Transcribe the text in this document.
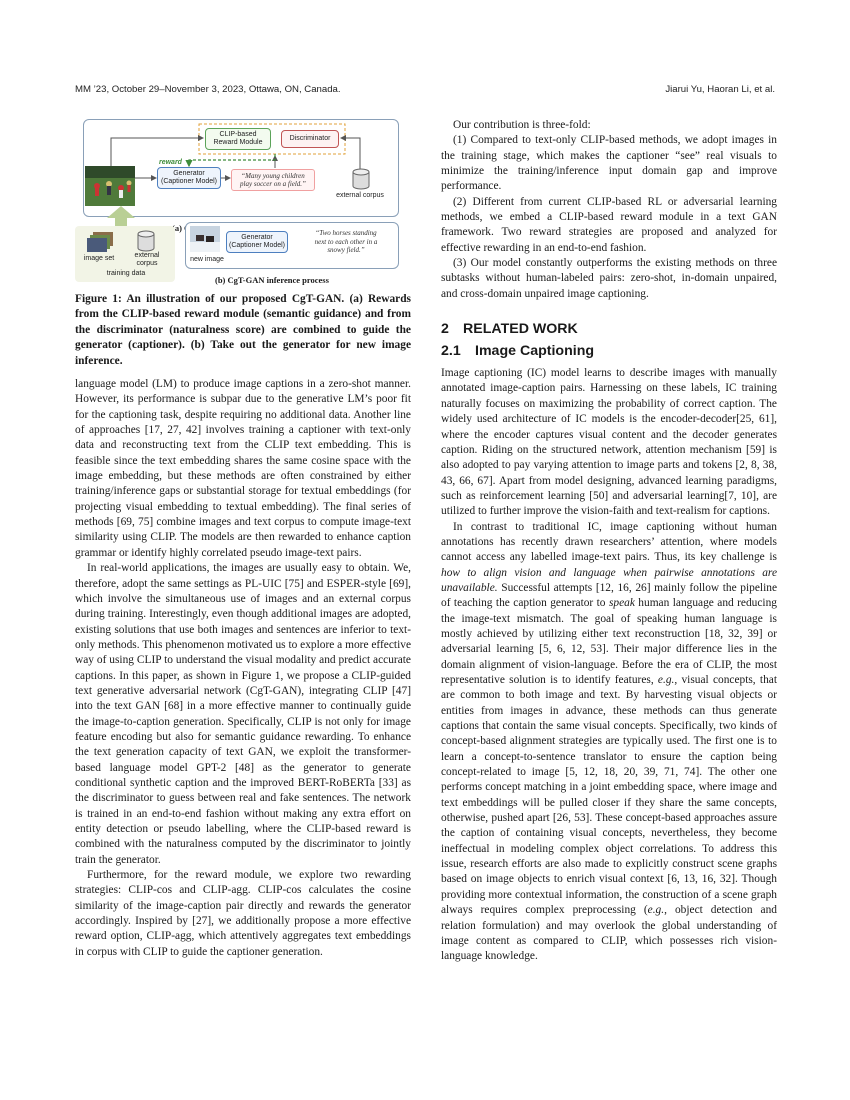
MM ’23, October 29–November 3, 2023, Ottawa, ON, Canada.	Jiarui Yu, Haoran Li, et al.
CLIP-based
Reward Module
Discriminator
reward
Generator
(Captioner Model)
“Many young children
play soccer on a field.”
external corpus
(a)
image set	external
corpus
training data
Generator
(Captioner Model)
“Two horses standing
next to each other in a
snowy field.”
new image
(b) CgT-GAN inference process
Figure 1: An illustration of our proposed CgT-GAN. (a) Rewards from the CLIP-based reward module (semantic guidance) and from the discriminator (naturalness score) are combined to guide the generator (captioner). (b) Take out the generator for new image inference.

language model (LM) to produce image captions in a zero-shot manner. However, its performance is subpar due to the generative LM’s poor fit for the captioning task, despite requiring no additional data. Another line of approaches [17, 27, 42] involves training a captioner with text-only data and reconstructing text from the CLIP text embedding. This is feasible since the text embedding shares the same cosine space with the image embedding, but these methods are often constrained by either training/inference gaps or substantial storage for textual embeddings (for projecting visual embedding to textual embedding). The final series of methods [69, 75] combine images and text corpus to compute image-text similarity using CLIP. The models are then rewarded to enhance caption grammar or identify highly correlated pseudo image-text pairs.

In real-world applications, the images are usually easy to obtain. We, therefore, adopt the same settings as PL-UIC [75] and ESPER-style [69], which involve the simultaneous use of images and an external corpus during training. Interestingly, even though additional images are adopted, existing solutions that use both images and sentences are inferior to text-only methods. This phenomenon motivated us to explore a more effective way of using CLIP to understand the visual modality and predict accurate captions. In this paper, as shown in Figure 1, we propose a CLIP-guided text generative adversarial network (CgT-GAN), integrating CLIP [47] into the text GAN [68] in a more effective manner to continually guide the image-to-caption generation. Specifically, CLIP is not only for image feature encoding but also for semantic guidance rewarding. To enhance the text generation capacity of text GAN, we exploit the transformer-based language model GPT-2 [48] as the generator to generate conditional synthetic caption and the improved BERT-RoBERTa [33] as the discriminator to guess between real and fake sentences. The network is trained in an end-to-end fashion without making any extra effort on entity detection or pseudo labelling, where the CLIP-based reward is combined with the naturalness computed by the discriminator to jointly train the generator.

Furthermore, for the reward module, we explore two rewarding strategies: CLIP-cos and CLIP-agg. CLIP-cos calculates the cosine similarity of the image-caption pair directly and rewards the generator accordingly. Inspired by [27], we additionally propose a more effective reward option, CLIP-agg, which attentively aggregates text embeddings in corpus with CLIP to guide the captioner generation.

Our contribution is three-fold:

(1) Compared to text-only CLIP-based methods, we adopt images in the training stage, which makes the captioner “see” real visuals to minimize the training/inference input domain gap and improve performance.

(2) Different from current CLIP-based RL or adversarial learning methods, we embed a CLIP-based reward module in a text GAN framework. Two reward strategies are proposed and analyzed for effective rewarding in an end-to-end fashion.

(3) Our model constantly outperforms the existing methods on three subtasks without human-labeled pairs: zero-shot, in-domain unpaired, and cross-domain unpaired image captioning.

2 RELATED WORK
2.1 Image Captioning

Image captioning (IC) model learns to describe images with manually annotated image-caption pairs. Harnessing on these labels, IC training naturally focuses on maximizing the probability of correct caption. The widely used architecture of IC models is the encoder-decoder[25, 61], where the encoder captures visual content and the decoder generates caption. Riding on the structured network, attention mechanism [59] is also adopted to pay varying attention to image parts and tokens [2, 8, 38, 43, 66, 67]. Apart from model designing, advanced learning paradigms, such as reinforcement learning [50] and adversarial learning[7, 10], are utilized to further improve the vision-faith and text-realism for captions.

In contrast to traditional IC, image captioning without human annotations has recently drawn researchers’ attention, where models cannot access any labelled image-text pairs. Thus, its key challenge is how to align vision and language when pairwise annotations are unavailable. Successful attempts [12, 16, 26] mainly follow the pipeline of teaching the caption generator to speak human language and reducing the image-text mismatch. The goal of speaking human language is mostly achieved by utilizing either text reconstruction [18, 32, 39] or adversarial learning [5, 6, 12, 53]. Their major difference lies in the domain alignment of vision-language. Before the era of CLIP, the most representative solution is to identify features, e.g., visual concepts, that are common to both image and text. By harvesting visual objects or entities from images in advance, these methods can thus generate captions that contain the same visual concepts. Specifically, two kinds of concept-based alignment strategies are typically used. The first one is to learn a concept-to-sentence translator to ensure the caption being concept-related to image [5, 12, 18, 20, 39, 71, 74]. The other one performs concept matching in a joint embedding space, where image and text embeddings will be pulled closer if they share the same concepts, otherwise, pushed apart [26, 53]. These concept-based approaches assure the caption of containing visual concepts, nevertheless, they become ineffectual in modeling complex object correlations. To address this issue, research efforts are also made to explicitly construct scene graphs based on image objects to enrich visual context [6, 13, 16, 32]. Though providing more contextual information, the construction of a scene graph always requires complex preprocessing (e.g., object detection and relation formulation) and may overlook the global understanding of image content as compared to CLIP, which possesses rich vision-language knowledge.
